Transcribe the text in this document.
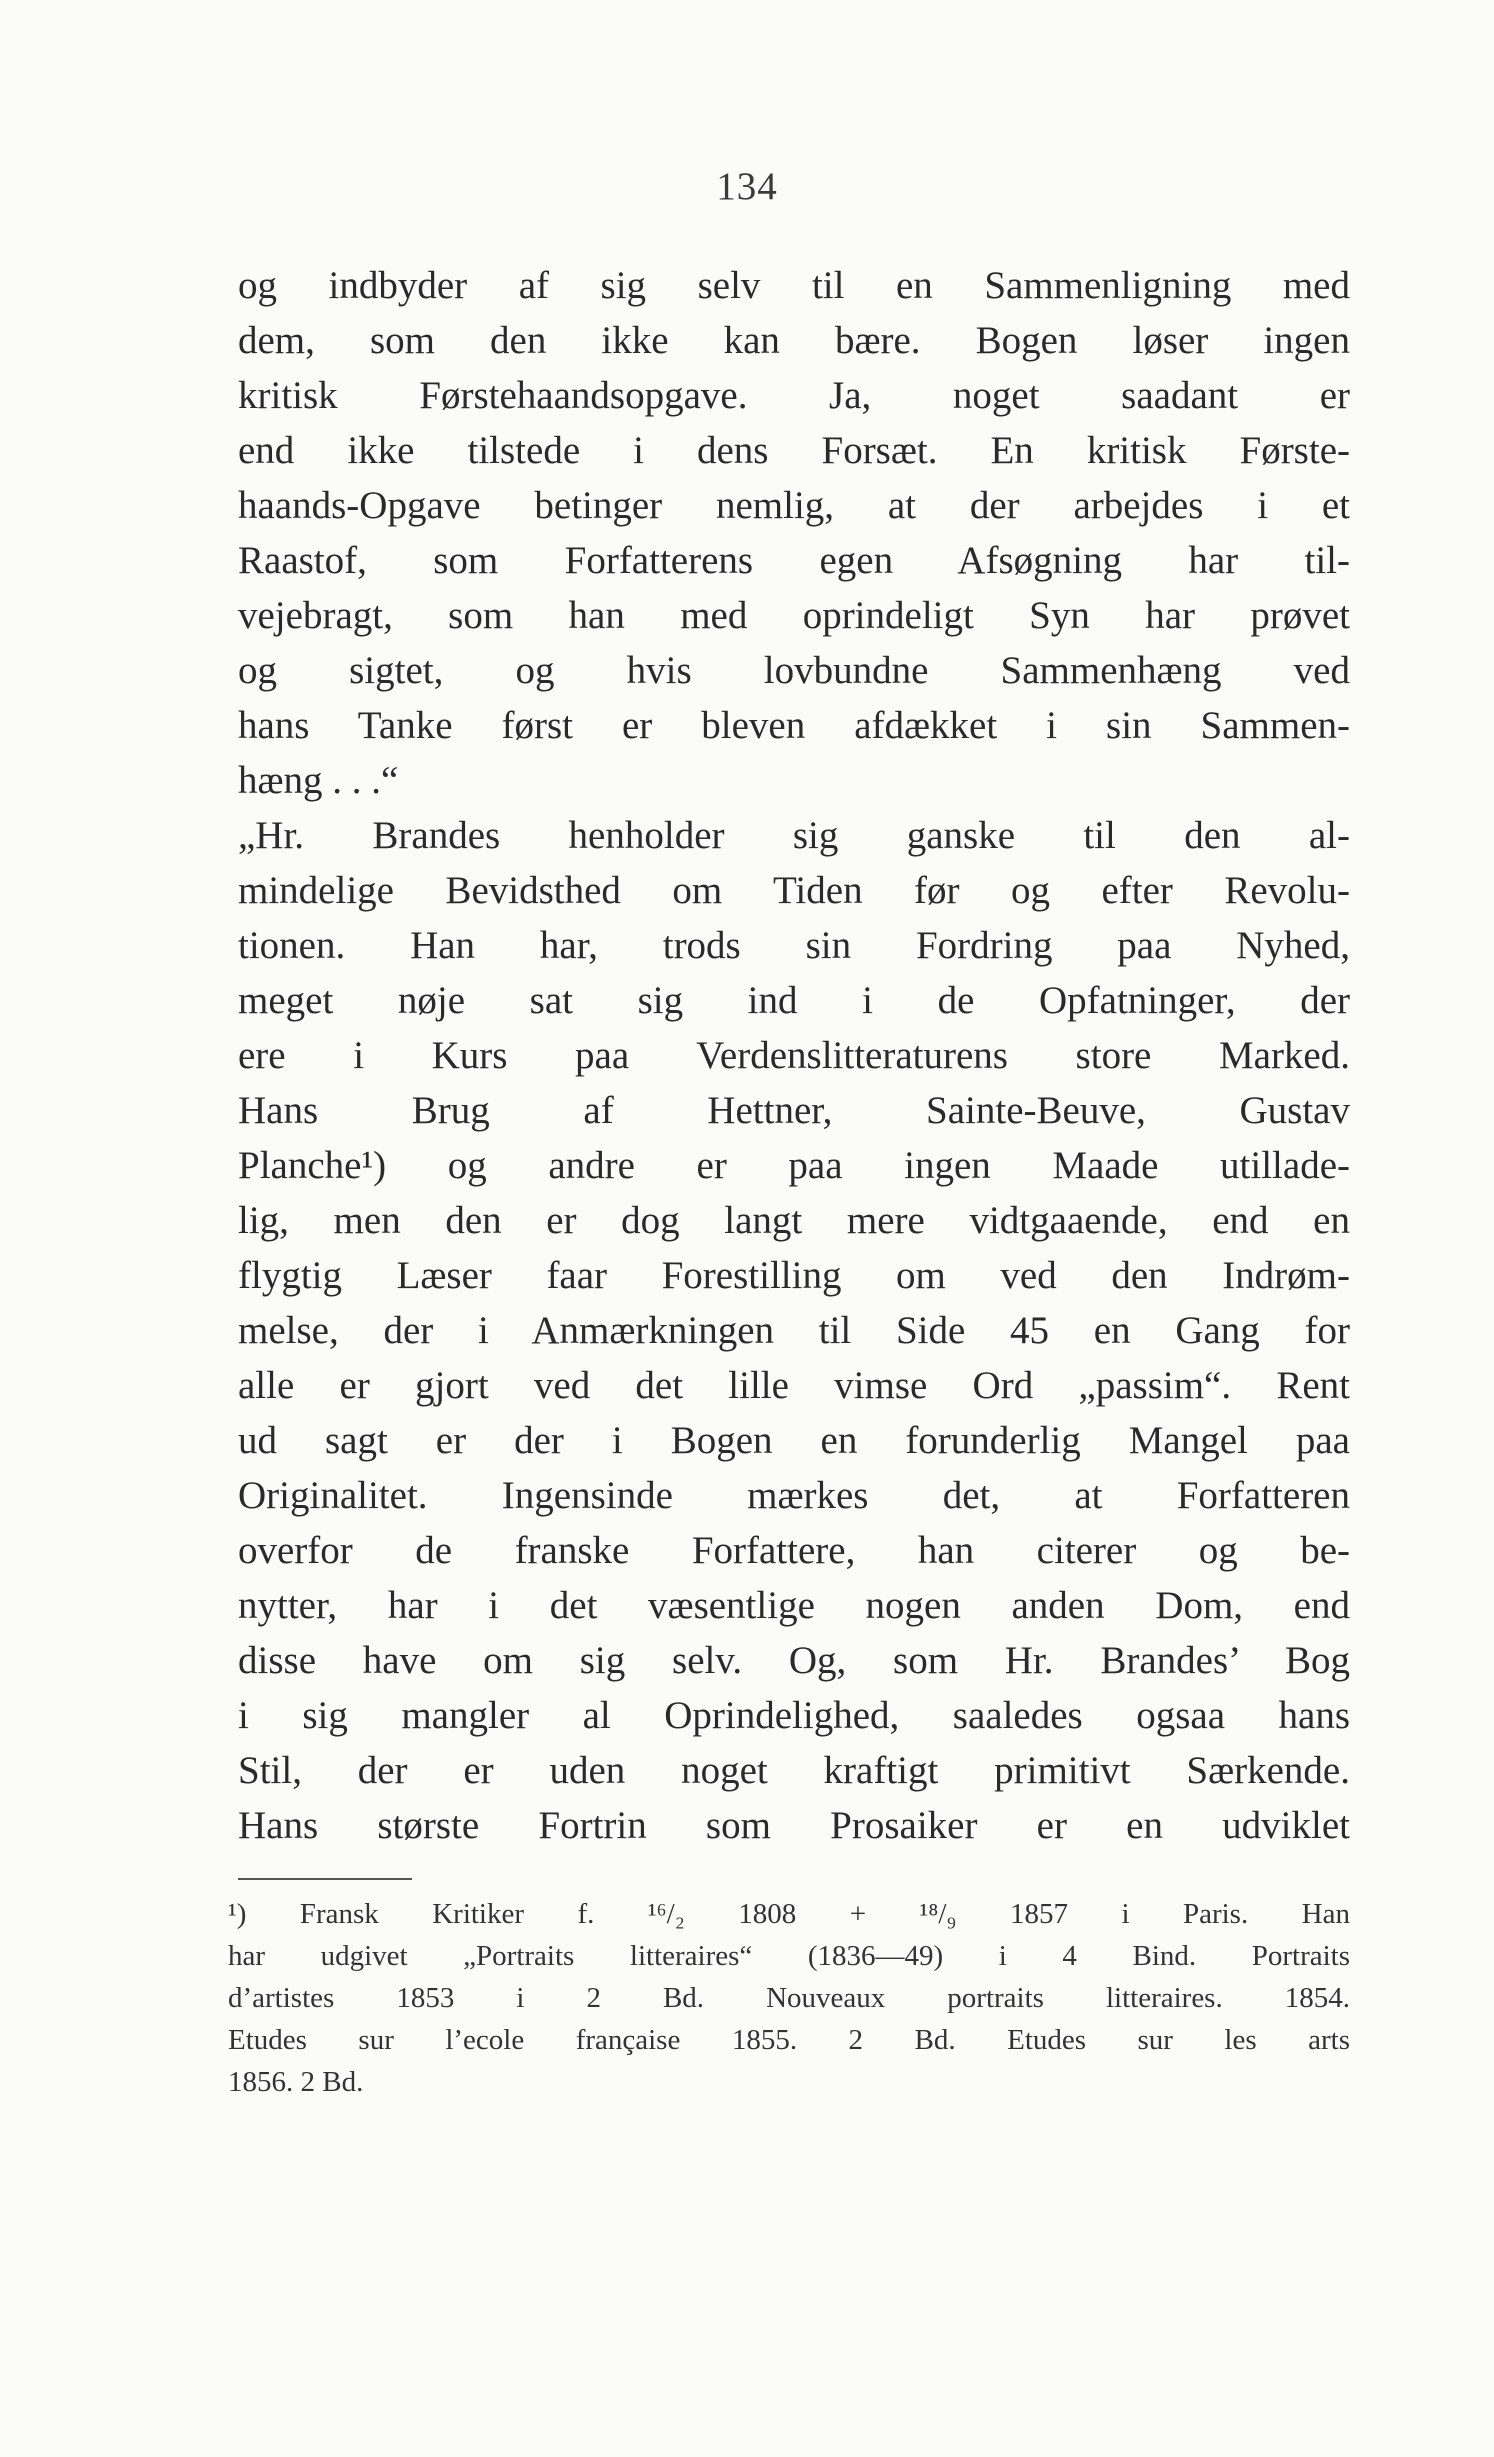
134
og indbyder af sig selv til en Sammenligning med
dem, som den ikke kan bære. Bogen løser ingen
kritisk Førstehaandsopgave. Ja, noget saadant er
end ikke tilstede i dens Forsæt. En kritisk Første-
haands-Opgave betinger nemlig, at der arbejdes i et
Raastof, som Forfatterens egen Afsøgning har til-
vejebragt, som han med oprindeligt Syn har prøvet
og sigtet, og hvis lovbundne Sammenhæng ved
hans Tanke først er bleven afdækket i sin Sammen-
hæng . . .“
„Hr. Brandes henholder sig ganske til den al-
mindelige Bevidsthed om Tiden før og efter Revolu-
tionen. Han har, trods sin Fordring paa Nyhed,
meget nøje sat sig ind i de Opfatninger, der
ere i Kurs paa Verdenslitteraturens store Marked.
Hans Brug af Hettner, Sainte-Beuve, Gustav
Planche¹) og andre er paa ingen Maade utillade-
lig, men den er dog langt mere vidtgaaende, end en
flygtig Læser faar Forestilling om ved den Indrøm-
melse, der i Anmærkningen til Side 45 en Gang for
alle er gjort ved det lille vimse Ord „passim“. Rent
ud sagt er der i Bogen en forunderlig Mangel paa
Originalitet. Ingensinde mærkes det, at Forfatteren
overfor de franske Forfattere, han citerer og be-
nytter, har i det væsentlige nogen anden Dom, end
disse have om sig selv. Og, som Hr. Brandes’ Bog
i sig mangler al Oprindelighed, saaledes ogsaa hans
Stil, der er uden noget kraftigt primitivt Særkende.
Hans største Fortrin som Prosaiker er en udviklet
¹) Fransk Kritiker f. ¹⁶/₂ 1808 + ¹⁸/₉ 1857 i Paris. Han
har udgivet „Portraits litteraires“ (1836—49) i 4 Bind. Portraits
d’artistes 1853 i 2 Bd. Nouveaux portraits litteraires. 1854.
Etudes sur l’ecole française 1855. 2 Bd. Etudes sur les arts
1856. 2 Bd.
